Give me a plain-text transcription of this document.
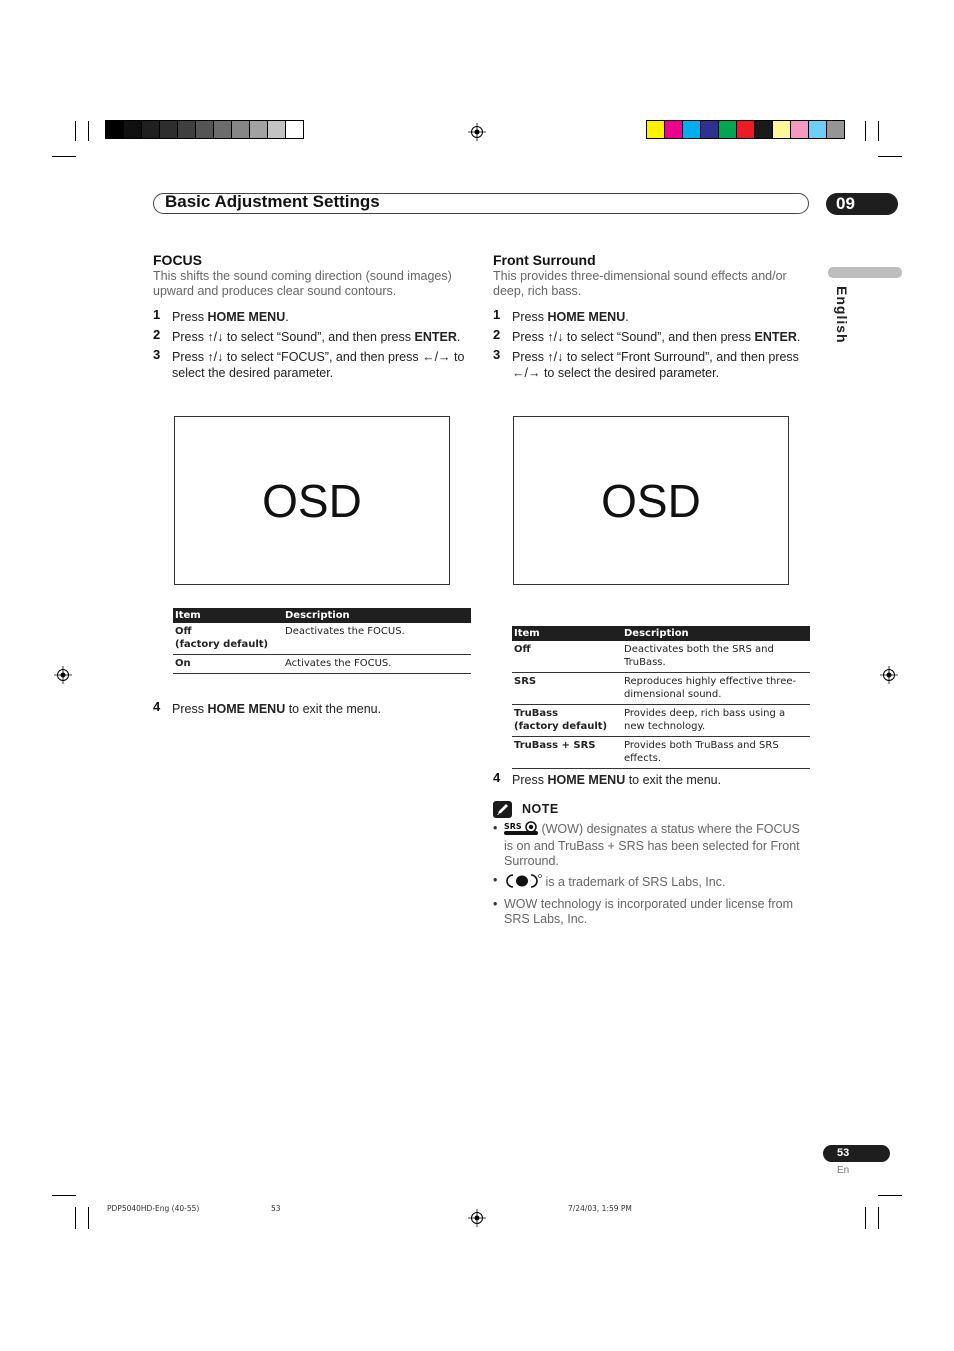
Basic Adjustment Settings	09
English
FOCUS

This shifts the sound coming direction (sound images) upward and produces clear sound contours.

1 Press HOME MENU.
2 Press ↑/↓ to select “Sound”, and then press ENTER.
3 Press ↑/↓ to select “FOCUS”, and then press ←/→ to select the desired parameter.
OSD
Item	Description
Off
(factory default)	Deactivates the FOCUS.
On	Activates the FOCUS.
4 Press HOME MENU to exit the menu.
Front Surround

This provides three-dimensional sound effects and/or deep, rich bass.

1 Press HOME MENU.
2 Press ↑/↓ to select “Sound”, and then press ENTER.
3 Press ↑/↓ to select “Front Surround”, and then press ←/→ to select the desired parameter.
OSD
Item	Description
Off	Deactivates both the SRS and TruBass.
SRS	Reproduces highly effective three-dimensional sound.
TruBass
(factory default)	Provides deep, rich bass using a new technology.
TruBass + SRS	Provides both TruBass and SRS effects.
4 Press HOME MENU to exit the menu.
NOTE
• SRS (WOW) designates a status where the FOCUS is on and TruBass + SRS has been selected for Front Surround.
• is a trademark of SRS Labs, Inc.
• WOW technology is incorporated under license from SRS Labs, Inc.
53
En
PDP5040HD-Eng (40-55)	53	7/24/03, 1:59 PM
